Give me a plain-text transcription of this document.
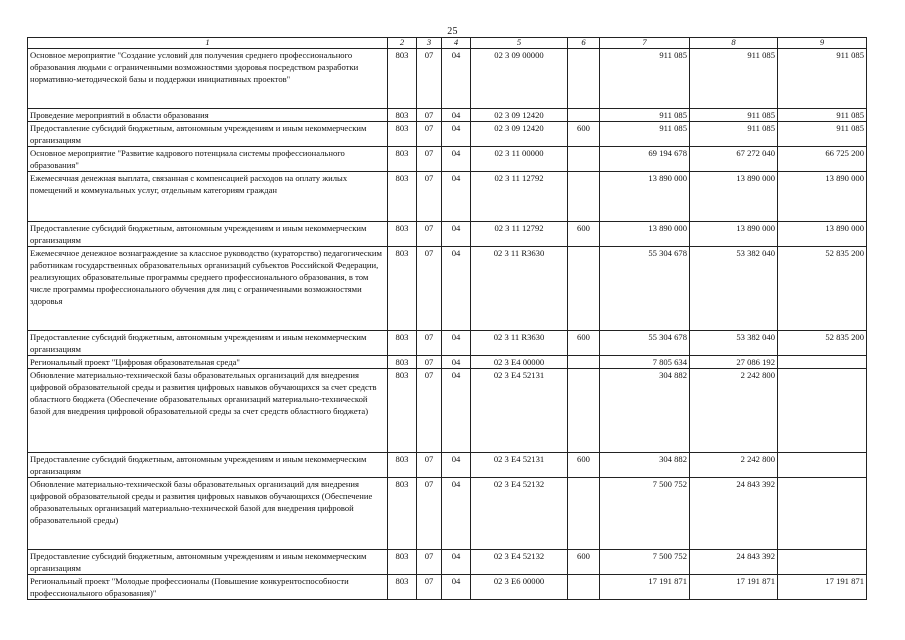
25
1	2	3	4	5	6	7	8	9
Основное мероприятие "Создание условий для получения среднего профессионального образования людьми с ограниченными возможностями здоровья посредством разработки нормативно-методической базы и поддержки инициативных проектов"	803	07	04	02 3 09 00000		911 085	911 085	911 085
Проведение мероприятий в области образования	803	07	04	02 3 09 12420		911 085	911 085	911 085
Предоставление субсидий бюджетным, автономным учреждениям и иным некоммерческим организациям	803	07	04	02 3 09 12420	600	911 085	911 085	911 085
Основное мероприятие "Развитие кадрового потенциала системы профессионального образования"	803	07	04	02 3 11 00000		69 194 678	67 272 040	66 725 200
Ежемесячная денежная выплата, связанная с компенсацией расходов на оплату жилых помещений и коммунальных услуг, отдельным категориям граждан	803	07	04	02 3 11 12792		13 890 000	13 890 000	13 890 000
Предоставление субсидий бюджетным, автономным учреждениям и иным некоммерческим организациям	803	07	04	02 3 11 12792	600	13 890 000	13 890 000	13 890 000
Ежемесячное денежное вознаграждение за классное руководство (кураторство) педагогическим работникам государственных образовательных организаций субъектов Российской Федерации, реализующих образовательные программы среднего профессионального образования, в том числе программы профессионального обучения для лиц с ограниченными возможностями здоровья	803	07	04	02 3 11 R3630		55 304 678	53 382 040	52 835 200
Предоставление субсидий бюджетным, автономным учреждениям и иным некоммерческим организациям	803	07	04	02 3 11 R3630	600	55 304 678	53 382 040	52 835 200
Региональный проект "Цифровая образовательная среда"	803	07	04	02 3 E4 00000		7 805 634	27 086 192	
Обновление материально-технической базы образовательных организаций для внедрения цифровой образовательной среды и развития цифровых навыков обучающихся за счет средств областного бюджета (Обеспечение образовательных организаций материально-технической базой для внедрения цифровой образовательной среды за счет средств областного бюджета)	803	07	04	02 3 E4 52131		304 882	2 242 800	
Предоставление субсидий бюджетным, автономным учреждениям и иным некоммерческим организациям	803	07	04	02 3 E4 52131	600	304 882	2 242 800	
Обновление материально-технической базы образовательных организаций для внедрения цифровой образовательной среды и развития цифровых навыков обучающихся (Обеспечение образовательных организаций материально-технической базой для внедрения цифровой образовательной среды)	803	07	04	02 3 E4 52132		7 500 752	24 843 392	
Предоставление субсидий бюджетным, автономным учреждениям и иным некоммерческим организациям	803	07	04	02 3 E4 52132	600	7 500 752	24 843 392	
Региональный проект "Молодые профессионалы (Повышение конкурентоспособности профессионального образования)"	803	07	04	02 3 E6 00000		17 191 871	17 191 871	17 191 871
